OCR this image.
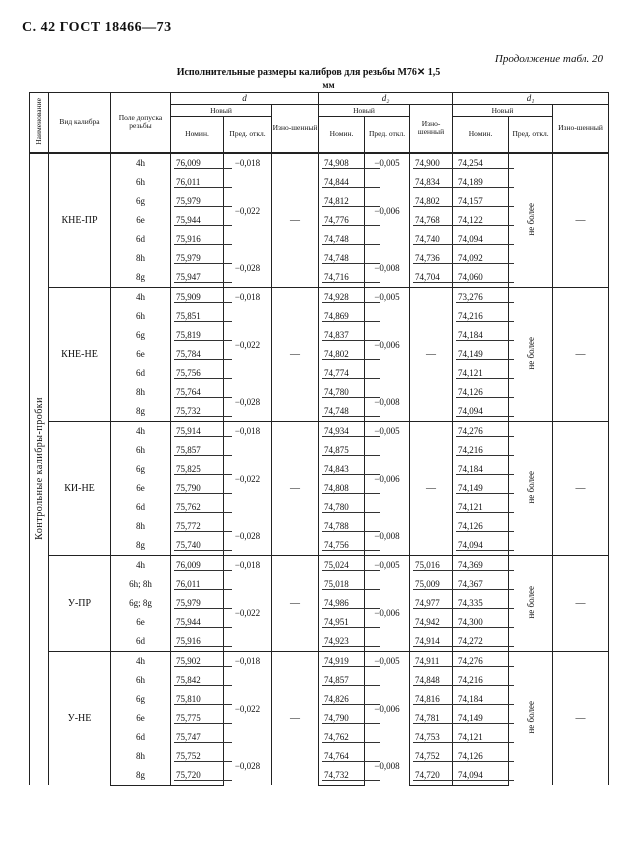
С. 42 ГОСТ 18466—73
Продолжение табл. 20
Исполнительные размеры калибров для резьбы М76✕ 1,5
мм
Наименование	Вид калибра	Поле допуска резьбы	d			d₂			d₁		
			Новый		Изно-шенный	Новый		Изно-шенный	Новый		Изно-шенный
			Номин.	Пред. откл.		Номин.	Пред. откл.		Номин.	Пред. откл.	
Контрольные калибры-пробки	КНЕ-ПР	4h	76,009	−0,018	—	74,908	−0,005	74,900	74,254	не более	—
		6h	76,011	−0,022		74,844	−0,006	74,834	74,189		
		6g	75,979			74,812		74,802	74,157		
		6e	75,944			74,776		74,768	74,122		
		6d	75,916			74,748		74,740	74,094		
		8h	75,979	−0,028		74,748	−0,008	74,736	74,092		
		8g	75,947			74,716		74,704	74,060		
	КНЕ-НЕ	4h	75,909	−0,018	—	74,928	−0,005	—	73,276	не более	—
		6h	75,851	−0,022		74,869	−0,006		74,216		
		6g	75,819			74,837			74,184		
		6e	75,784			74,802			74,149		
		6d	75,756			74,774			74,121		
		8h	75,764	−0,028		74,780	−0,008		74,126		
		8g	75,732			74,748			74,094		
	КИ-НЕ	4h	75,914	−0,018	—	74,934	−0,005	—	74,276	не более	—
		6h	75,857	−0,022		74,875	−0,006		74,216		
		6g	75,825			74,843			74,184		
		6e	75,790			74,808			74,149		
		6d	75,762			74,780			74,121		
		8h	75,772	−0,028		74,788	−0,008		74,126		
		8g	75,740			74,756			74,094		
	У-ПР	4h	76,009	−0,018	—	75,024	−0,005	75,016	74,369	не более	—
		6h; 8h	76,011	−0,022		75,018	−0,006	75,009	74,367		
		6g; 8g	75,979			74,986		74,977	74,335		
		6e	75,944			74,951		74,942	74,300		
		6d	75,916			74,923		74,914	74,272		
	У-НЕ	4h	75,902	−0,018	—	74,919	−0,005	74,911	74,276	не более	—
		6h	75,842	−0,022		74,857	−0,006	74,848	74,216		
		6g	75,810			74,826		74,816	74,184		
		6e	75,775			74,790		74,781	74,149		
		6d	75,747			74,762		74,753	74,121		
		8h	75,752	−0,028		74,764	−0,008	74,752	74,126		
		8g	75,720			74,732		74,720	74,094		
